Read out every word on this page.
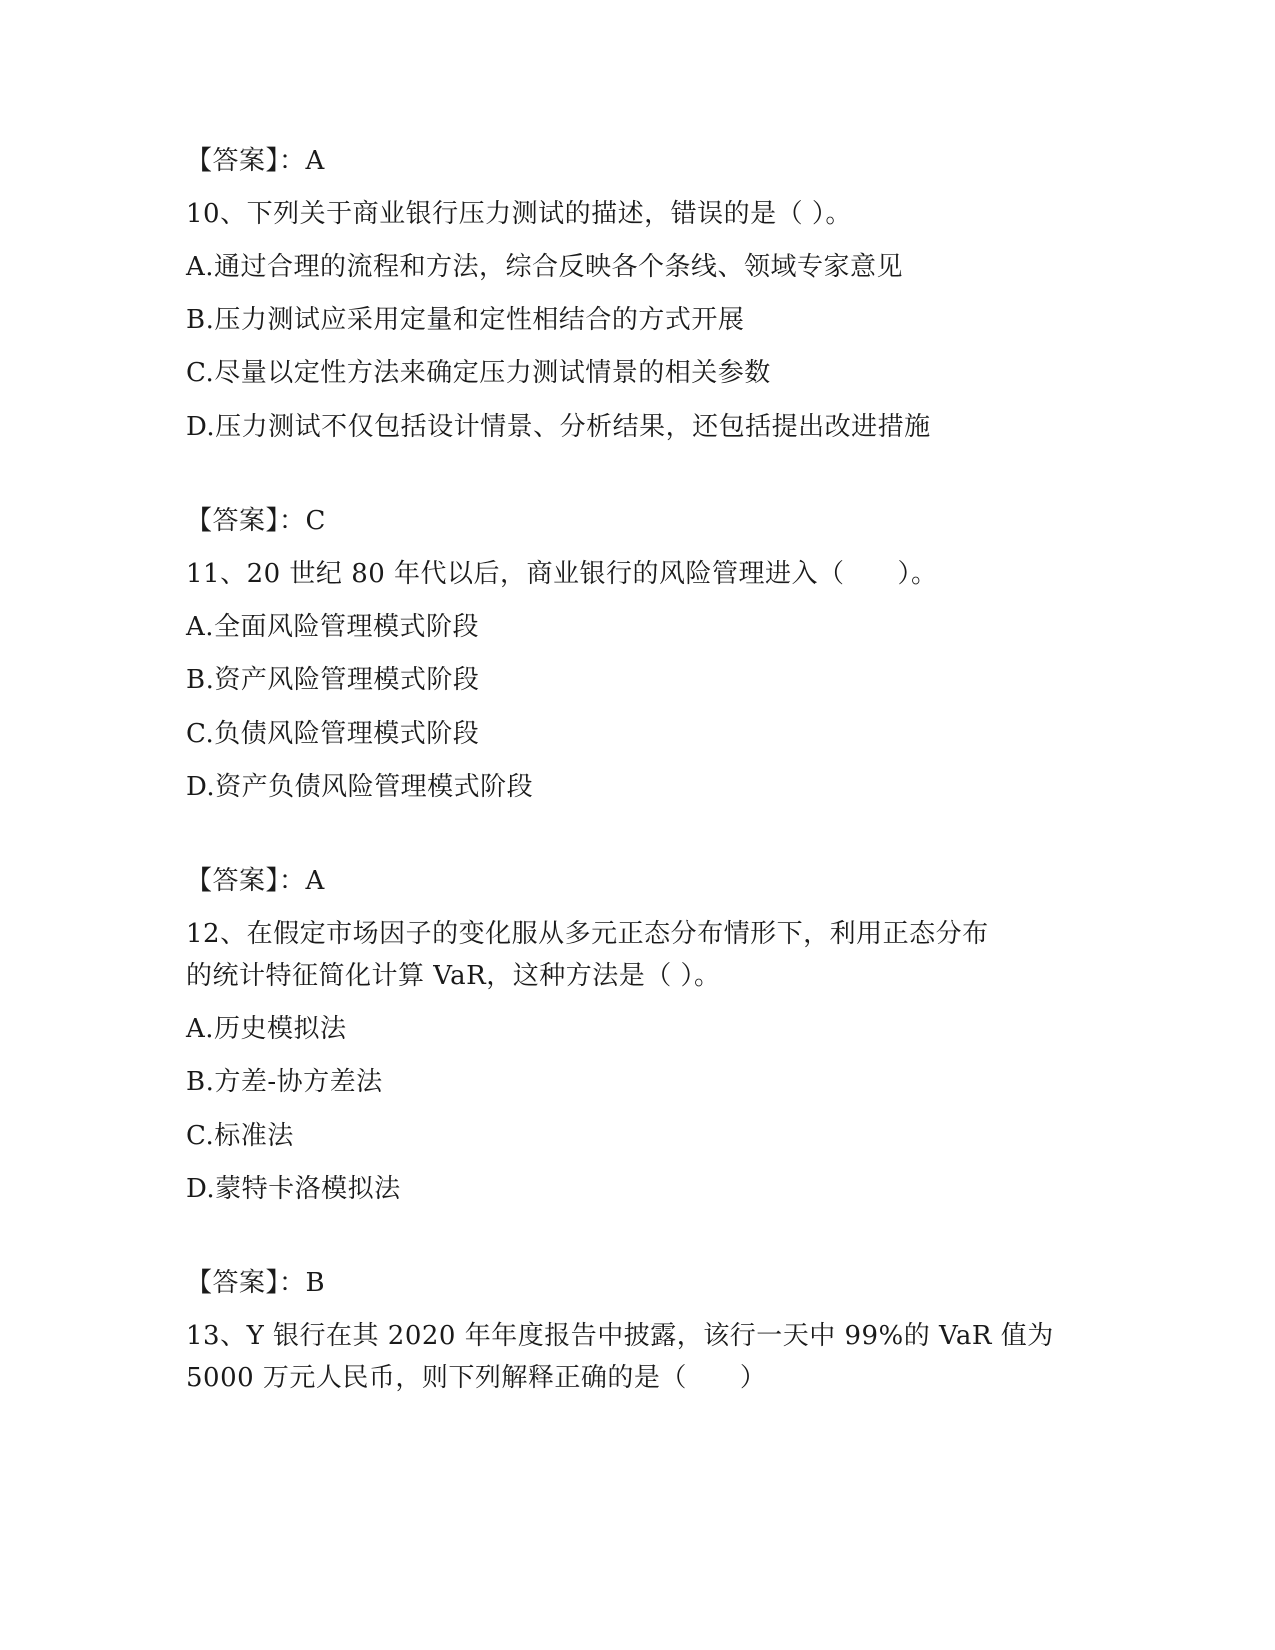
【答案】：A
10、下列关于商业银行压力测试的描述，错误的是（ ）。
A.通过合理的流程和方法，综合反映各个条线、领域专家意见
B.压力测试应采用定量和定性相结合的方式开展
C.尽量以定性方法来确定压力测试情景的相关参数
D.压力测试不仅包括设计情景、分析结果，还包括提出改进措施
【答案】：C
11、20 世纪 80 年代以后，商业银行的风险管理进入（　　）。
A.全面风险管理模式阶段
B.资产风险管理模式阶段
C.负债风险管理模式阶段
D.资产负债风险管理模式阶段
【答案】：A
12、在假定市场因子的变化服从多元正态分布情形下，利用正态分布
的统计特征简化计算 VaR，这种方法是（ ）。
A.历史模拟法
B.方差-协方差法
C.标准法
D.蒙特卡洛模拟法
【答案】：B
13、Y 银行在其 2020 年年度报告中披露，该行一天中 99%的 VaR 值为
5000 万元人民币，则下列解释正确的是（　　）
